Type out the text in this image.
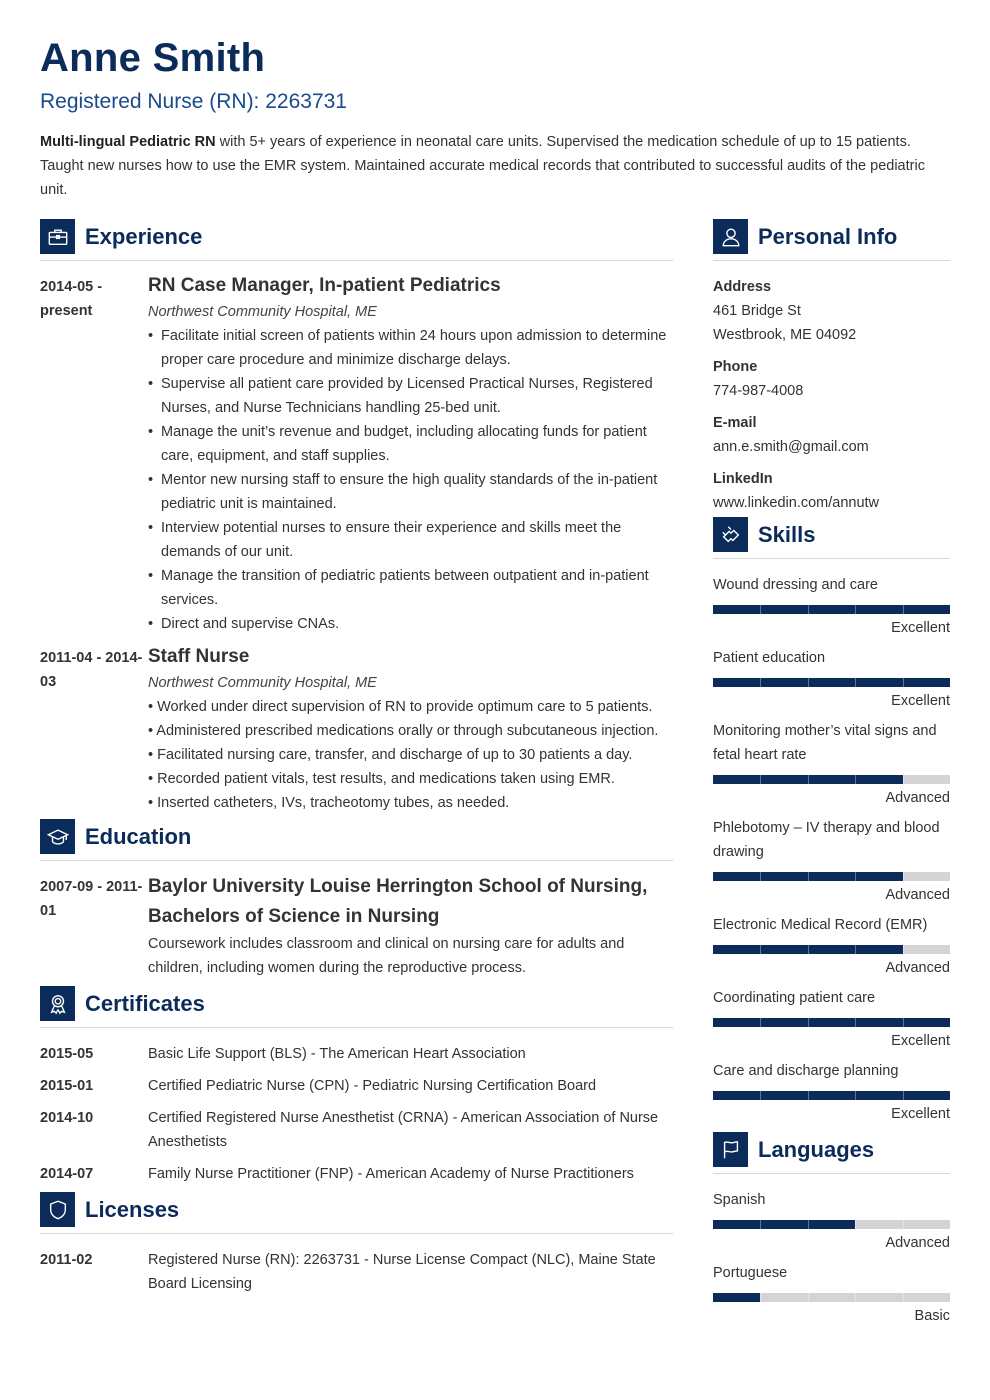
Anne Smith
Registered Nurse (RN): 2263731
Multi-lingual Pediatric RN with 5+ years of experience in neonatal care units. Supervised the medication schedule of up to 15 patients. Taught new nurses how to use the EMR system. Maintained accurate medical records that contributed to successful audits of the pediatric unit.
Experience
2014-05 - present
RN Case Manager, In-patient Pediatrics
Northwest Community Hospital, ME
• Facilitate initial screen of patients within 24 hours upon admission to determine proper care procedure and minimize discharge delays.
• Supervise all patient care provided by Licensed Practical Nurses, Registered Nurses, and Nurse Technicians handling 25-bed unit.
• Manage the unit’s revenue and budget, including allocating funds for patient care, equipment, and staff supplies.
• Mentor new nursing staff to ensure the high quality standards of the in-patient pediatric unit is maintained.
• Interview potential nurses to ensure their experience and skills meet the demands of our unit.
• Manage the transition of pediatric patients between outpatient and in-patient services.
• Direct and supervise CNAs.
2011-04 - 2014-03
Staff Nurse
Northwest Community Hospital, ME
• Worked under direct supervision of RN to provide optimum care to 5 patients.
• Administered prescribed medications orally or through subcutaneous injection.
• Facilitated nursing care, transfer, and discharge of up to 30 patients a day.
• Recorded patient vitals, test results, and medications taken using EMR.
• Inserted catheters, IVs, tracheotomy tubes, as needed.
Education
2007-09 - 2011-01
Baylor University Louise Herrington School of Nursing, Bachelors of Science in Nursing
Coursework includes classroom and clinical on nursing care for adults and children, including women during the reproductive process.
Certificates
2015-05	Basic Life Support (BLS) - The American Heart Association
2015-01	Certified Pediatric Nurse (CPN) - Pediatric Nursing Certification Board
2014-10	Certified Registered Nurse Anesthetist (CRNA) - American Association of Nurse Anesthetists
2014-07	Family Nurse Practitioner (FNP) - American Academy of Nurse Practitioners
Licenses
2011-02	Registered Nurse (RN): 2263731 - Nurse License Compact (NLC), Maine State Board Licensing
Personal Info
Address
461 Bridge St
Westbrook, ME 04092
Phone
774-987-4008
E-mail
ann.e.smith@gmail.com
LinkedIn
www.linkedin.com/annutw
Skills
Wound dressing and care
Excellent
Patient education
Excellent
Monitoring mother’s vital signs and fetal heart rate
Advanced
Phlebotomy – IV therapy and blood drawing
Advanced
Electronic Medical Record (EMR)
Advanced
Coordinating patient care
Excellent
Care and discharge planning
Excellent
Languages
Spanish
Advanced
Portuguese
Basic
